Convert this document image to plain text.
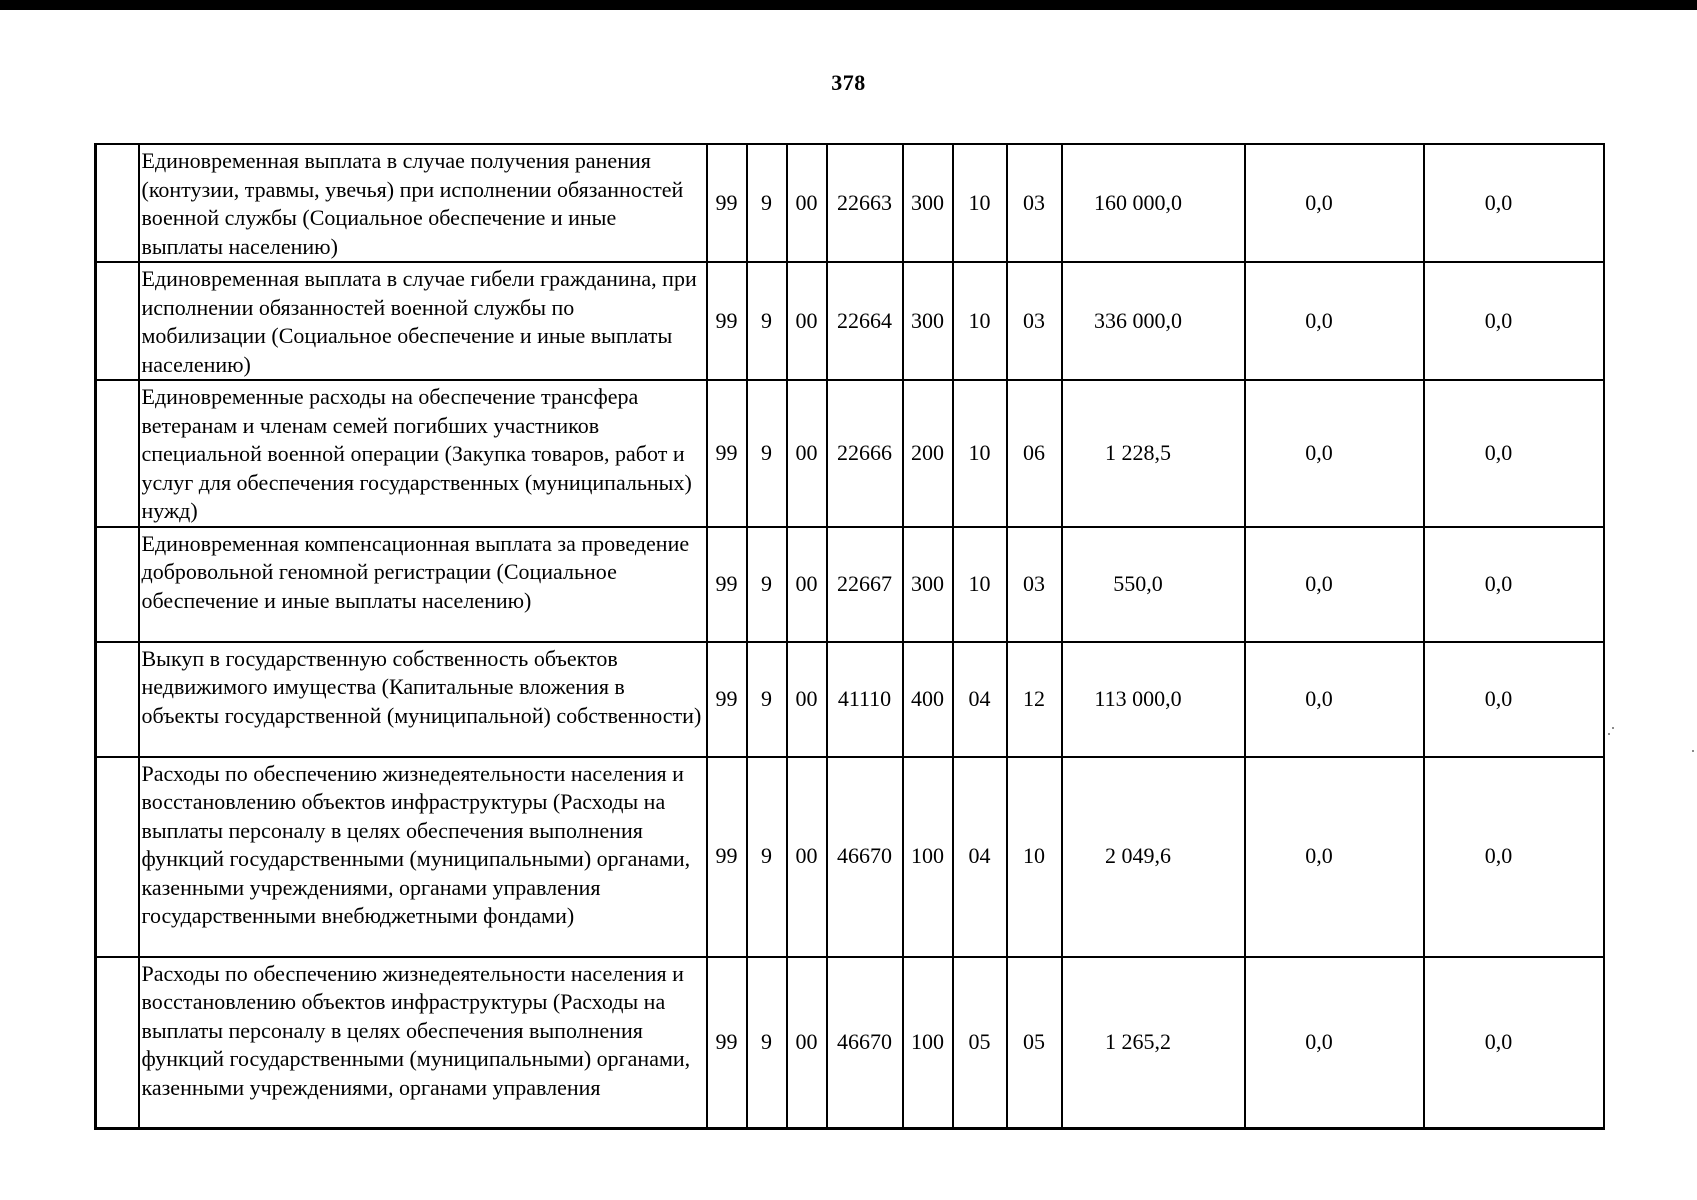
378
	Единовременная выплата в случае получения ранения (контузии, травмы, увечья) при исполнении обязанностей военной службы (Социальное обеспечение и иные выплаты населению)	99	9	00	22663	300	10	03	160 000,0	0,0	0,0
	Единовременная выплата в случае гибели гражданина, при исполнении обязанностей военной службы по мобилизации (Социальное обеспечение и иные выплаты населению)	99	9	00	22664	300	10	03	336 000,0	0,0	0,0
	Единовременные расходы на обеспечение трансфера ветеранам и членам семей погибших участников специальной военной операции (Закупка товаров, работ и услуг для обеспечения государственных (муниципальных) нужд)	99	9	00	22666	200	10	06	1 228,5	0,0	0,0
	Единовременная компенсационная выплата за проведение добровольной геномной регистрации (Социальное обеспечение и иные выплаты населению)	99	9	00	22667	300	10	03	550,0	0,0	0,0
	Выкуп в государственную собственность объектов недвижимого имущества (Капитальные вложения в объекты государственной (муниципальной) собственности)	99	9	00	41110	400	04	12	113 000,0	0,0	0,0
	Расходы по обеспечению жизнедеятельности населения и восстановлению объектов инфраструктуры (Расходы на выплаты персоналу в целях обеспечения выполнения функций государственными (муниципальными) органами, казенными учреждениями, органами управления государственными внебюджетными фондами)	99	9	00	46670	100	04	10	2 049,6	0,0	0,0

	Расходы по обеспечению жизнедеятельности населения и восстановлению объектов инфраструктуры (Расходы на выплаты персоналу в целях обеспечения выполнения функций государственными (муниципальными) органами, казенными учреждениями, органами управления	99	9	00	46670	100	05	05	1 265,2	0,0	0,0
